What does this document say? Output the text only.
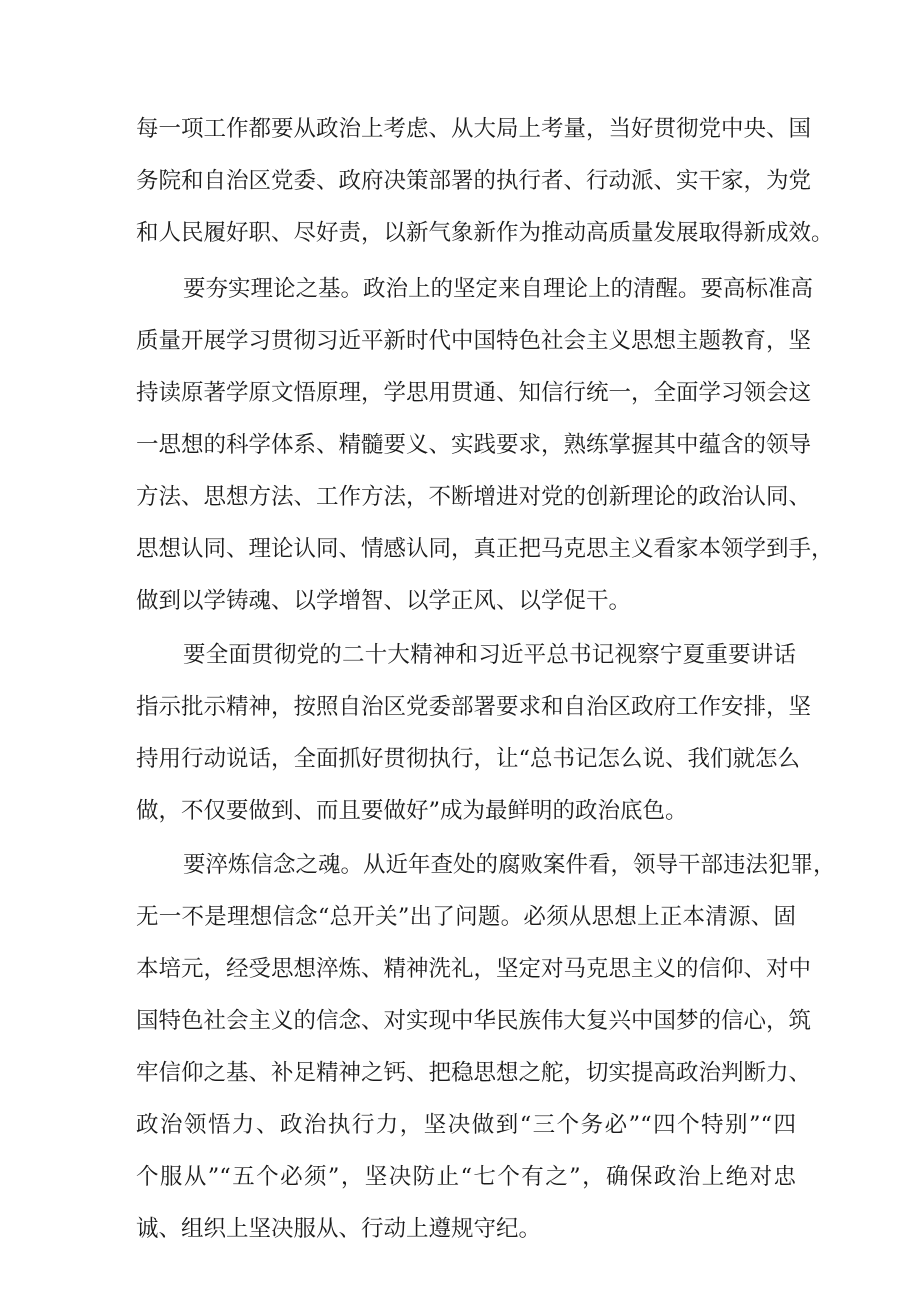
每一项工作都要从政治上考虑、从大局上考量，当好贯彻党中央、国
务院和自治区党委、政府决策部署的执行者、行动派、实干家，为党
和人民履好职、尽好责，以新气象新作为推动高质量发展取得新成效。
要夯实理论之基。政治上的坚定来自理论上的清醒。要高标准高
质量开展学习贯彻习近平新时代中国特色社会主义思想主题教育，坚
持读原著学原文悟原理，学思用贯通、知信行统一，全面学习领会这
一思想的科学体系、精髓要义、实践要求，熟练掌握其中蕴含的领导
方法、思想方法、工作方法，不断增进对党的创新理论的政治认同、
思想认同、理论认同、情感认同，真正把马克思主义看家本领学到手，
做到以学铸魂、以学增智、以学正风、以学促干。
要全面贯彻党的二十大精神和习近平总书记视察宁夏重要讲话
指示批示精神，按照自治区党委部署要求和自治区政府工作安排，坚
持用行动说话，全面抓好贯彻执行，让“总书记怎么说、我们就怎么
做，不仅要做到、而且要做好”成为最鲜明的政治底色。
要淬炼信念之魂。从近年查处的腐败案件看，领导干部违法犯罪，
无一不是理想信念“总开关”出了问题。必须从思想上正本清源、固
本培元，经受思想淬炼、精神洗礼，坚定对马克思主义的信仰、对中
国特色社会主义的信念、对实现中华民族伟大复兴中国梦的信心，筑
牢信仰之基、补足精神之钙、把稳思想之舵，切实提高政治判断力、
政治领悟力、政治执行力，坚决做到“三个务必”“四个特别”“四
个服从”“五个必须”，坚决防止“七个有之”，确保政治上绝对忠
诚、组织上坚决服从、行动上遵规守纪。
